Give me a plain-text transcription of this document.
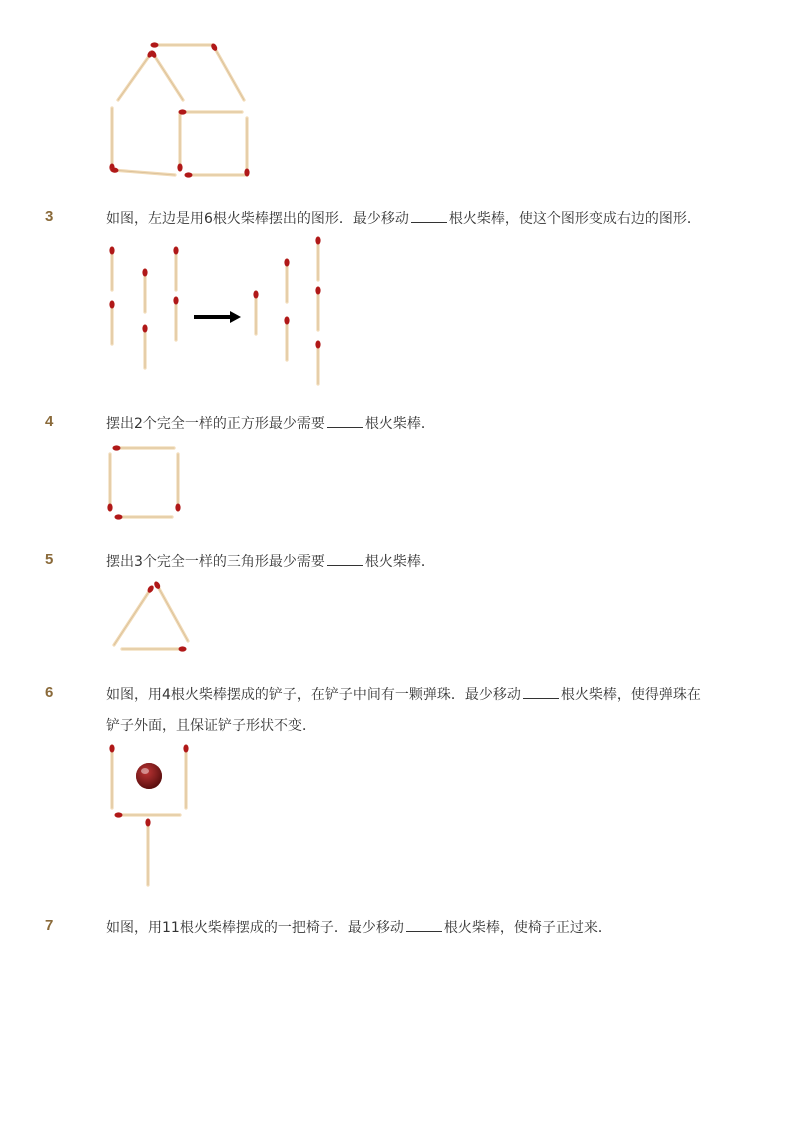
3	如图，左边是用6根火柴棒摆出的图形．最少移动	根火柴棒，使这个图形变成右边的图形．
4	摆出2个完全一样的正方形最少需要	根火柴棒．
5	摆出3个完全一样的三角形最少需要	根火柴棒．
6	如图，用4根火柴棒摆成的铲子，在铲子中间有一颗弹珠．最少移动	根火柴棒，使得弹珠在
铲子外面，且保证铲子形状不变．
7	如图，用11根火柴棒摆成的一把椅子．最少移动	根火柴棒，使椅子正过来．
